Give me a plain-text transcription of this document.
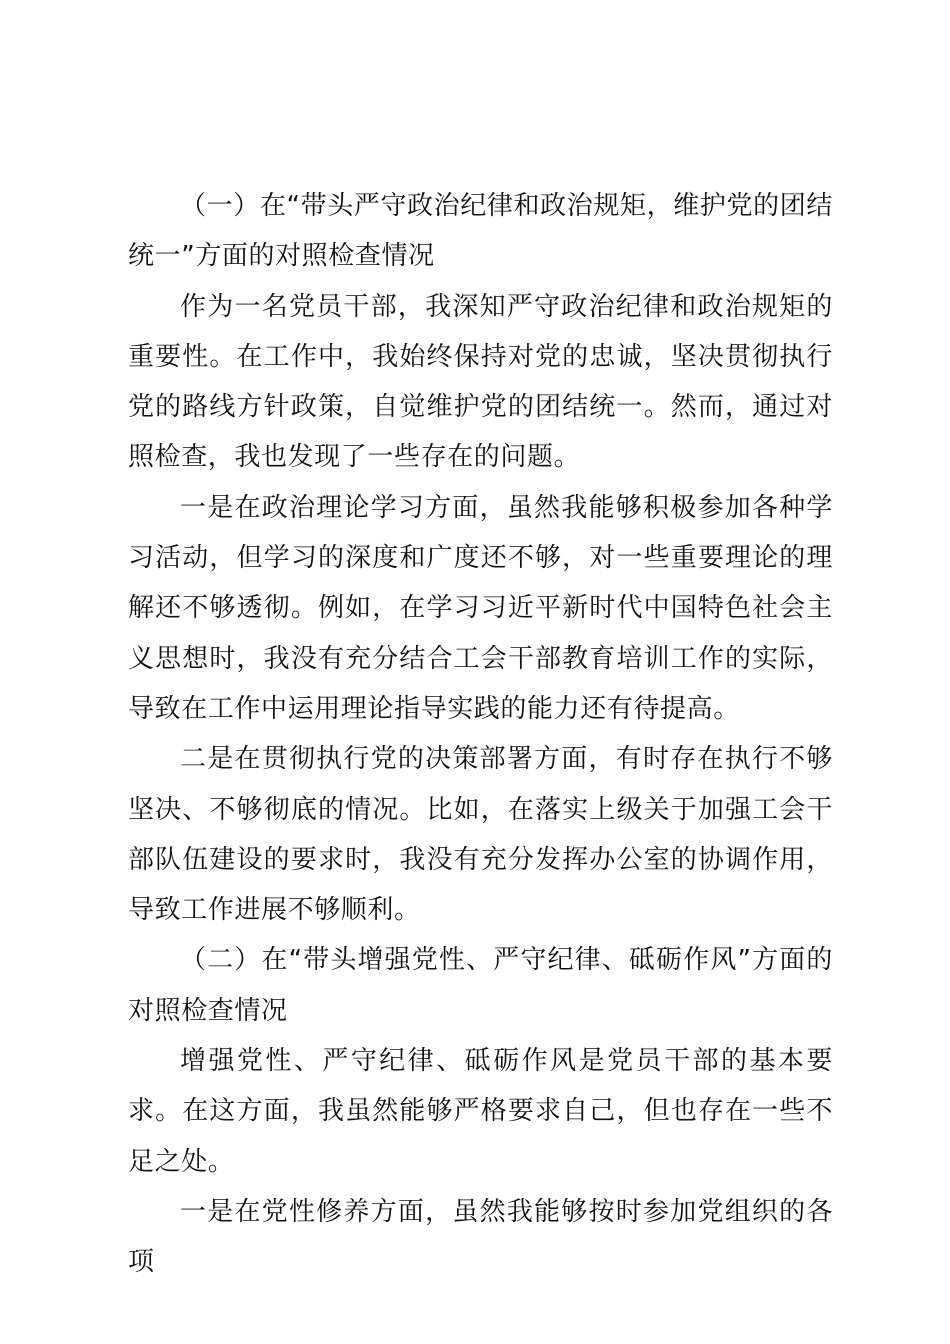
（一）在“带头严守政治纪律和政治规矩，维护党的团结统一”方面的对照检查情况

作为一名党员干部，我深知严守政治纪律和政治规矩的重要性。在工作中，我始终保持对党的忠诚，坚决贯彻执行党的路线方针政策，自觉维护党的团结统一。然而，通过对照检查，我也发现了一些存在的问题。

一是在政治理论学习方面，虽然我能够积极参加各种学习活动，但学习的深度和广度还不够，对一些重要理论的理解还不够透彻。例如，在学习习近平新时代中国特色社会主义思想时，我没有充分结合工会干部教育培训工作的实际，导致在工作中运用理论指导实践的能力还有待提高。

二是在贯彻执行党的决策部署方面，有时存在执行不够坚决、不够彻底的情况。比如，在落实上级关于加强工会干部队伍建设的要求时，我没有充分发挥办公室的协调作用，导致工作进展不够顺利。

（二）在“带头增强党性、严守纪律、砥砺作风”方面的对照检查情况

增强党性、严守纪律、砥砺作风是党员干部的基本要求。在这方面，我虽然能够严格要求自己，但也存在一些不足之处。

一是在党性修养方面，虽然我能够按时参加党组织的各项
